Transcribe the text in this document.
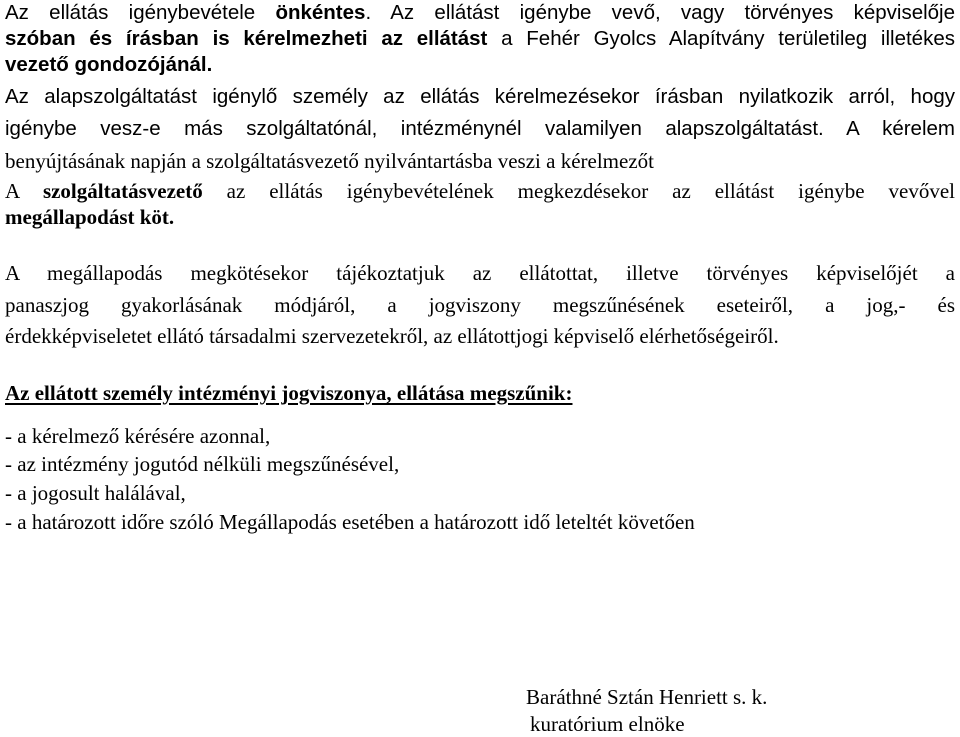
Az ellátás igénybevétele önkéntes. Az ellátást igénybe vevő, vagy törvényes képviselője
szóban és írásban is kérelmezheti az ellátást a Fehér Gyolcs Alapítvány területileg illetékes
vezető gondozójánál.
Az alapszolgáltatást igénylő személy az ellátás kérelmezésekor írásban nyilatkozik arról, hogy
igénybe vesz-e más szolgáltatónál, intézménynél valamilyen alapszolgáltatást. A kérelem
benyújtásának napján a szolgáltatásvezető nyilvántartásba veszi a kérelmezőt
A szolgáltatásvezető az ellátás igénybevételének megkezdésekor az ellátást igénybe vevővel
megállapodást köt.
A megállapodás megkötésekor tájékoztatjuk az ellátottat, illetve törvényes képviselőjét a
panaszjog gyakorlásának módjáról, a jogviszony megszűnésének eseteiről, a jog,- és
érdekképviseletet ellátó társadalmi szervezetekről, az ellátottjogi képviselő elérhetőségeiről.
Az ellátott személy intézményi jogviszonya, ellátása megszűnik:
- a kérelmező kérésére azonnal,
- az intézmény jogutód nélküli megszűnésével,
- a jogosult halálával,
- a határozott időre szóló Megállapodás esetében a határozott idő leteltét követően
Baráthné Sztán Henriett s. k.
kuratórium elnöke
